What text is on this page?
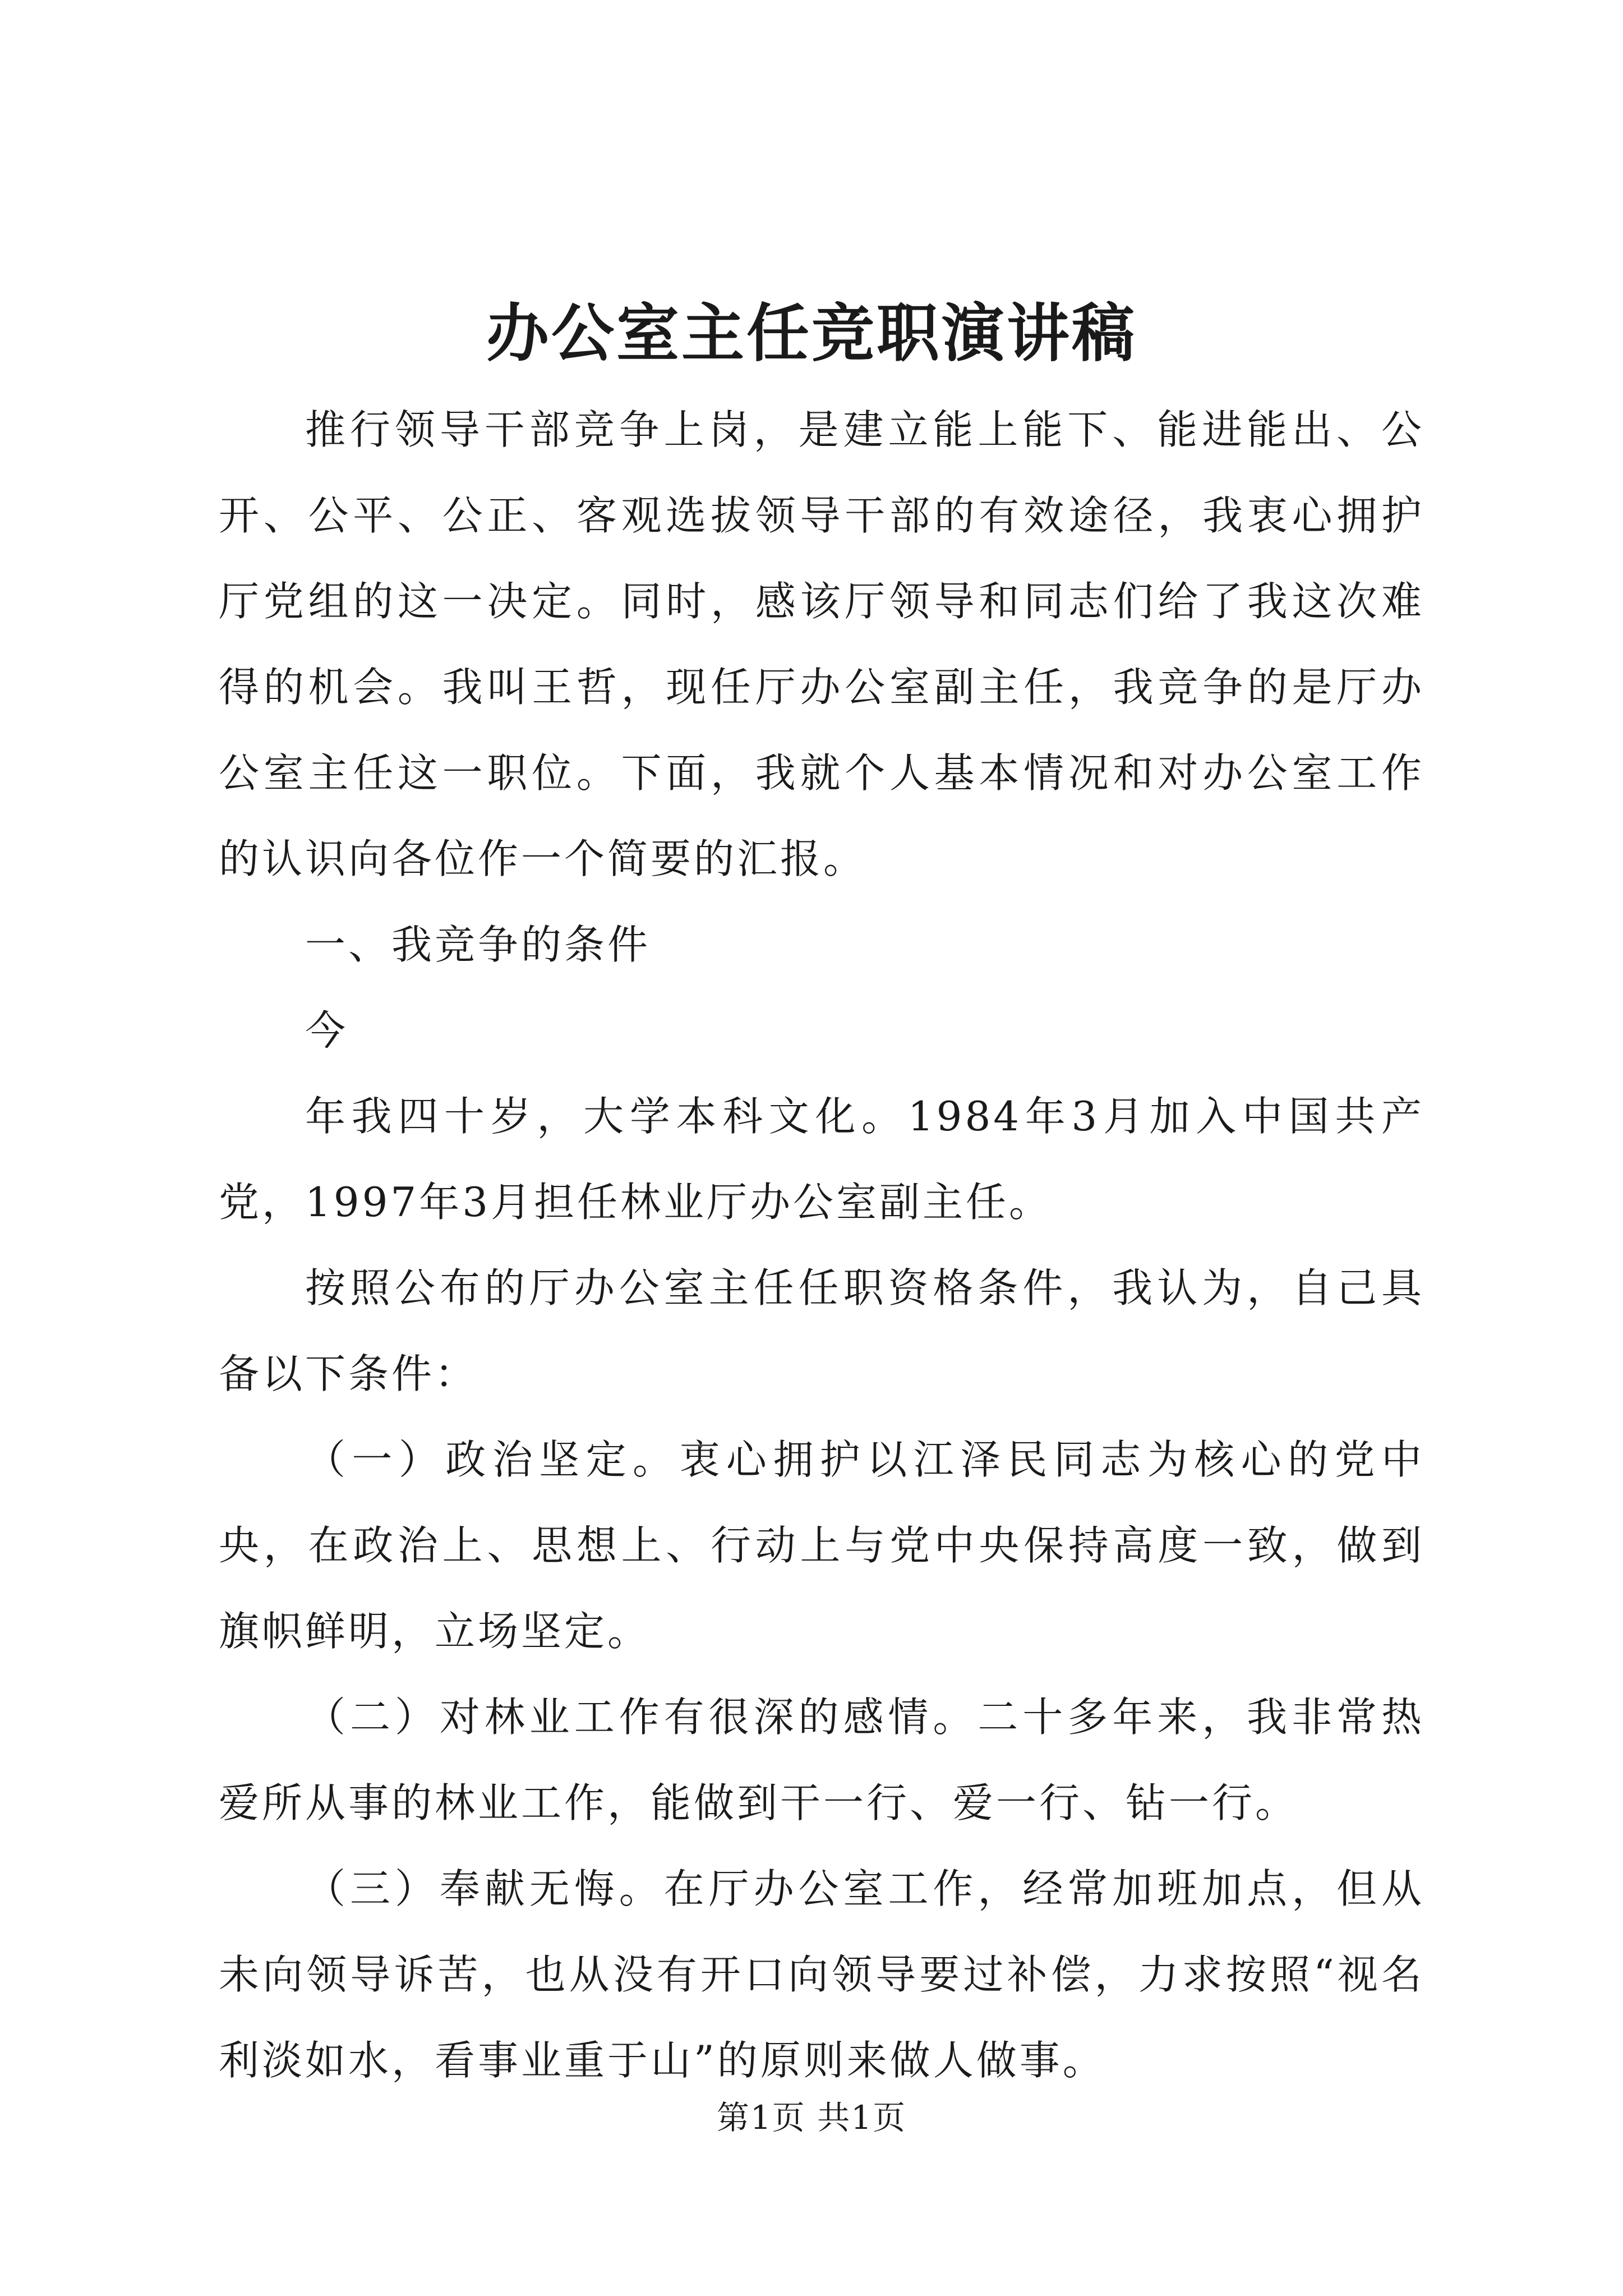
办公室主任竞职演讲稿

推行领导干部竞争上岗，是建立能上能下、能进能出、公开、公平、公正、客观选拔领导干部的有效途径，我衷心拥护厅党组的这一决定。同时，感该厅领导和同志们给了我这次难得的机会。我叫王哲，现任厅办公室副主任，我竞争的是厅办公室主任这一职位。下面，我就个人基本情况和对办公室工作的认识向各位作一个简要的汇报。

一、我竞争的条件

今

年我四十岁，大学本科文化。1984年3月加入中国共产党，1997年3月担任林业厅办公室副主任。

按照公布的厅办公室主任任职资格条件，我认为，自己具备以下条件：

（一）政治坚定。衷心拥护以江泽民同志为核心的党中央，在政治上、思想上、行动上与党中央保持高度一致，做到旗帜鲜明，立场坚定。

（二）对林业工作有很深的感情。二十多年来，我非常热爱所从事的林业工作，能做到干一行、爱一行、钻一行。

（三）奉献无悔。在厅办公室工作，经常加班加点，但从未向领导诉苦，也从没有开口向领导要过补偿，力求按照“视名利淡如水，看事业重于山”的原则来做人做事。

第1页 共1页
